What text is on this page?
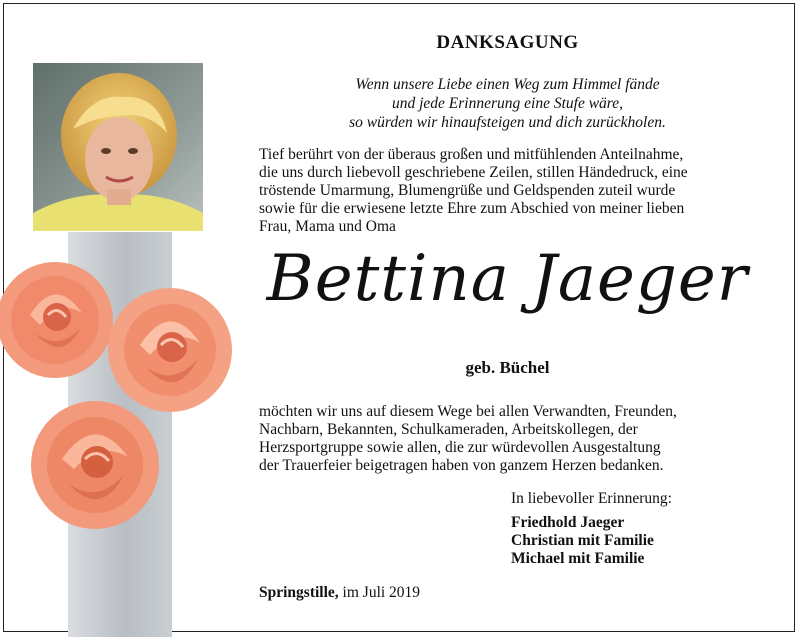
DANKSAGUNG
Wenn unsere Liebe einen Weg zum Himmel fände
und jede Erinnerung eine Stufe wäre,
so würden wir hinaufsteigen und dich zurückholen.
Tief berührt von der überaus großen und mitfühlenden Anteilnahme,
die uns durch liebevoll geschriebene Zeilen, stillen Händedruck, eine
tröstende Umarmung, Blumengrüße und Geldspenden zuteil wurde
sowie für die erwiesene letzte Ehre zum Abschied von meiner lieben
Frau, Mama und Oma
Bettina Jaeger
geb. Büchel
möchten wir uns auf diesem Wege bei allen Verwandten, Freunden,
Nachbarn, Bekannten, Schulkameraden, Arbeitskollegen, der
Herzsportgruppe sowie allen, die zur würdevollen Ausgestaltung
der Trauerfeier beigetragen haben von ganzem Herzen bedanken.
In liebevoller Erinnerung:
Friedhold Jaeger
Christian mit Familie
Michael mit Familie
Springstille, im Juli 2019
